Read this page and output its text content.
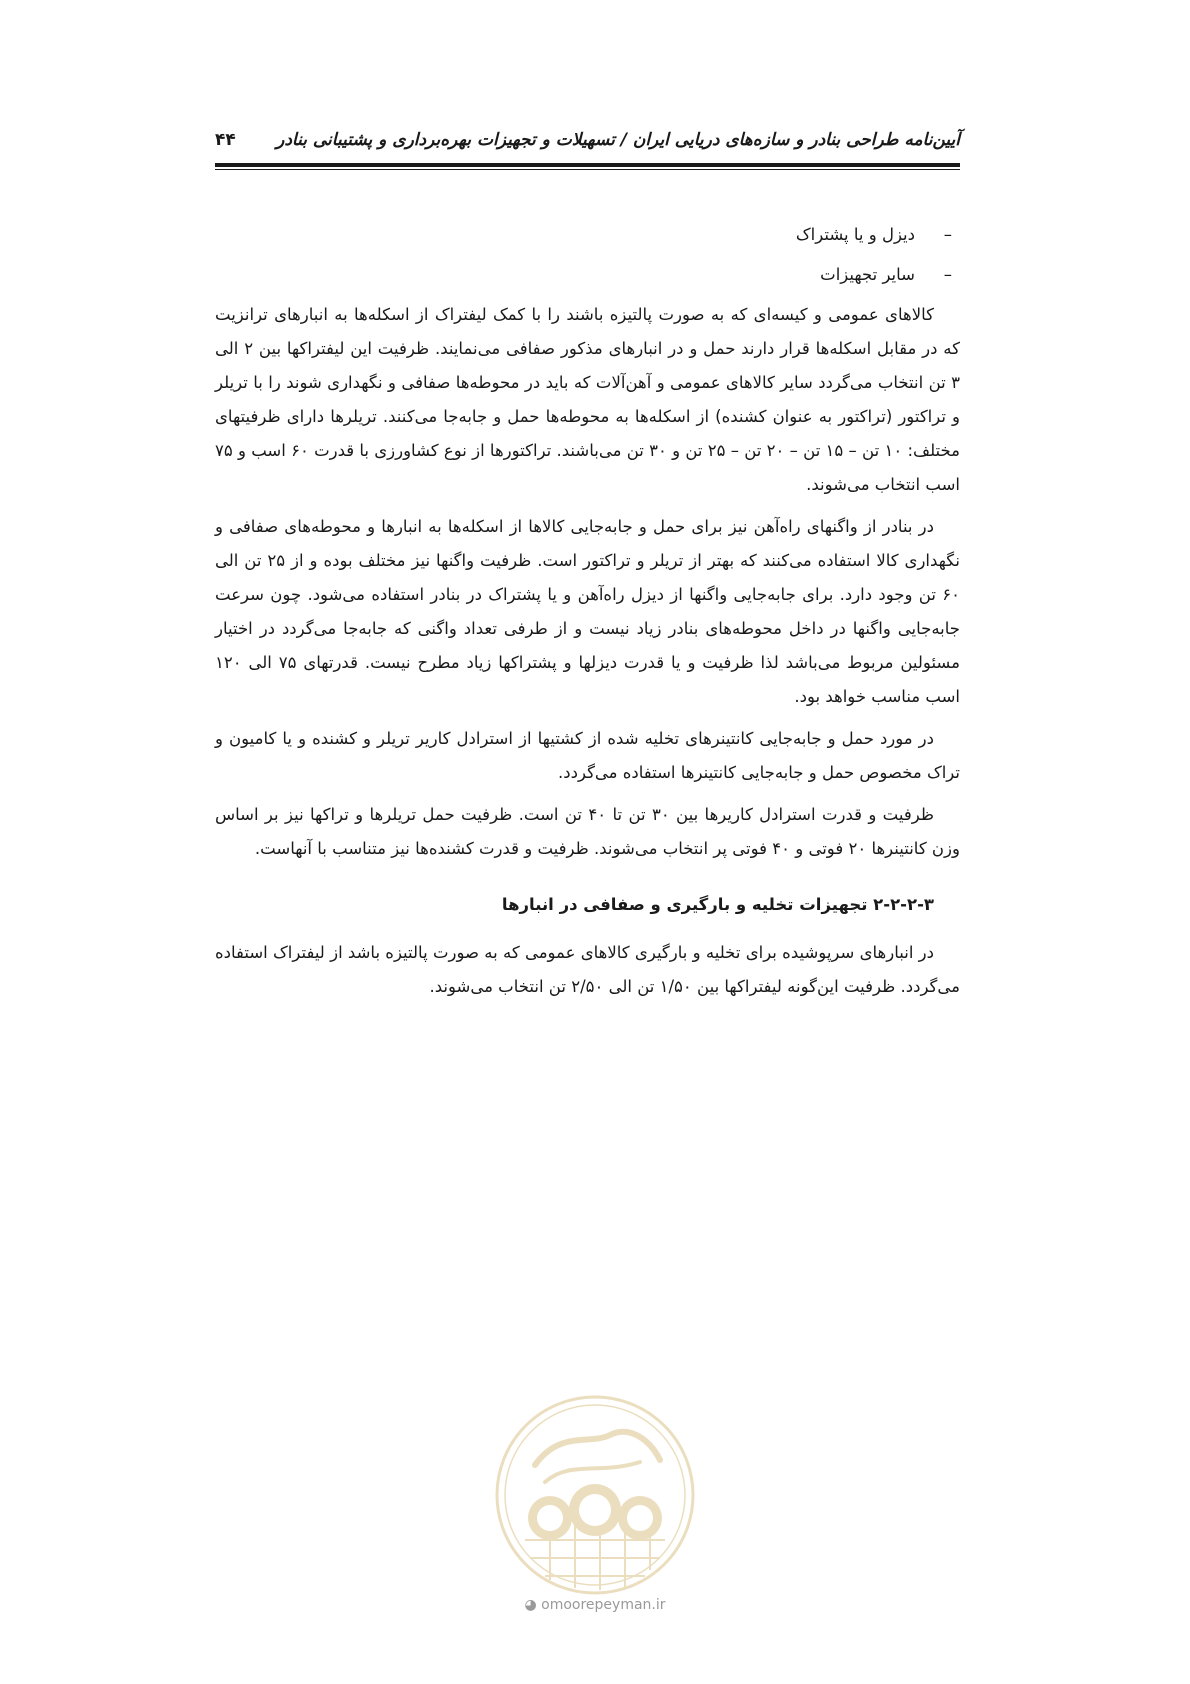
آیین‌نامه طراحی بنادر و سازه‌های دریایی ایران / تسهیلات و تجهیزات بهره‌برداری و پشتیبانی بنادر
۴۴
–
دیزل و یا پشتراک
–
سایر تجهیزات

کالاهای عمومی و کیسه‌ای که به صورت پالتیزه باشند را با کمک لیفتراک از اسکله‌ها به انبارهای ترانزیت که در مقابل اسکله‌ها قرار دارند حمل و در انبارهای مذکور صفافی می‌نمایند. ظرفیت این لیفتراکها بین ۲ الی ۳ تن انتخاب می‌گردد سایر کالاهای عمومی و آهن‌آلات که باید در محوطه‌ها صفافی و نگهداری شوند را با تریلر و تراکتور (تراکتور به عنوان کشنده) از اسکله‌ها به محوطه‌ها حمل و جابه‌جا می‌کنند. تریلرها دارای ظرفیتهای مختلف: ۱۰ تن – ۱۵ تن – ۲۰ تن – ۲۵ تن و ۳۰ تن می‌باشند. تراکتورها از نوع کشاورزی با قدرت ۶۰ اسب و ۷۵ اسب انتخاب می‌شوند.

در بنادر از واگنهای راه‌آهن نیز برای حمل و جابه‌جایی کالاها از اسکله‌ها به انبارها و محوطه‌های صفافی و نگهداری کالا استفاده می‌کنند که بهتر از تریلر و تراکتور است. ظرفیت واگنها نیز مختلف بوده و از ۲۵ تن الی ۶۰ تن وجود دارد. برای جابه‌جایی واگنها از دیزل راه‌آهن و یا پشتراک در بنادر استفاده می‌شود. چون سرعت جابه‌جایی واگنها در داخل محوطه‌های بنادر زیاد نیست و از طرفی تعداد واگنی که جابه‌جا می‌گردد در اختیار مسئولین مربوط می‌باشد لذا ظرفیت و یا قدرت دیزلها و پشتراکها زیاد مطرح نیست. قدرتهای ۷۵ الی ۱۲۰ اسب مناسب خواهد بود.

در مورد حمل و جابه‌جایی کانتینرهای تخلیه شده از کشتیها از استرادل کاریر تریلر و کشنده و یا کامیون و تراک مخصوص حمل و جابه‌جایی کانتینرها استفاده می‌گردد.

ظرفیت و قدرت استرادل کاریرها بین ۳۰ تن تا ۴۰ تن است. ظرفیت حمل تریلرها و تراکها نیز بر اساس وزن کانتینرها ۲۰ فوتی و ۴۰ فوتی پر انتخاب می‌شوند. ظرفیت و قدرت کشنده‌ها نیز متناسب با آنهاست.

۲-۲-۲-۳ تجهیزات تخلیه و بارگیری و صفافی در انبارها

در انبارهای سرپوشیده برای تخلیه و بارگیری کالاهای عمومی که به صورت پالتیزه باشد از لیفتراک استفاده می‌گردد. ظرفیت این‌گونه لیفتراکها بین ۱/۵۰ تن الی ۲/۵۰ تن انتخاب می‌شوند.

◕ omoorepeyman.ir
